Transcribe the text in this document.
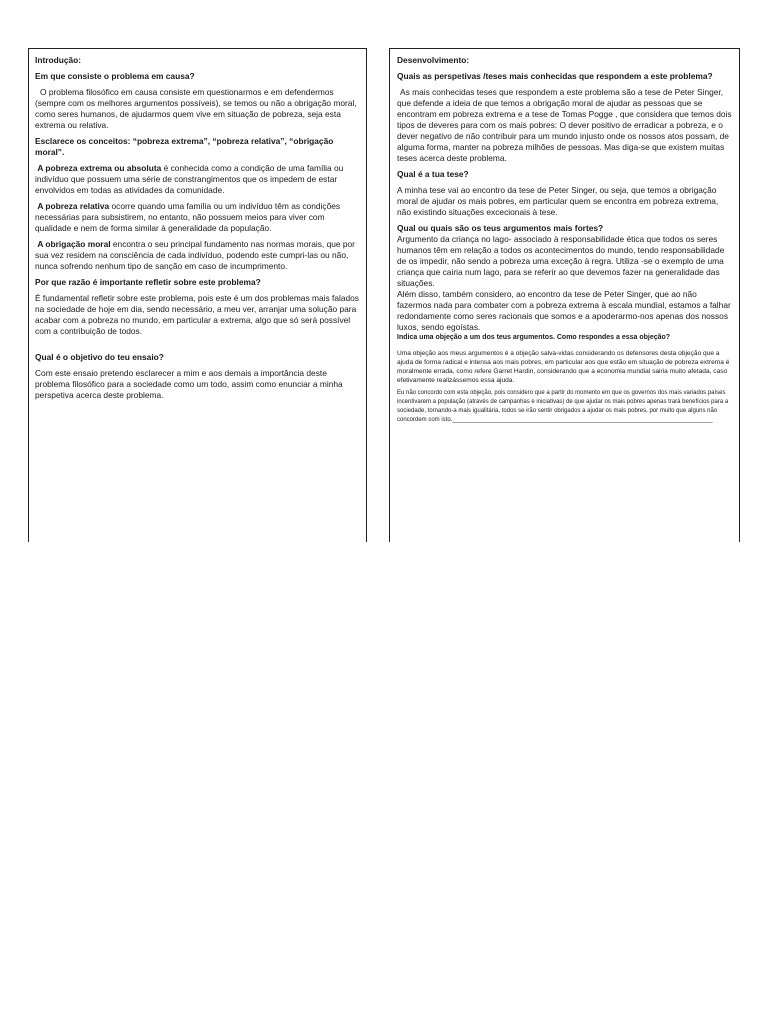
Introdução:
Em que consiste o problema em causa?
O problema filosófico em causa consiste em questionarmos e em defendermos (sempre com os melhores argumentos possíveis), se temos ou não a obrigação moral, como seres humanos, de ajudarmos quem vive em situação de pobreza, seja esta extrema ou relativa.
Esclarece os conceitos: “pobreza extrema”, “pobreza relativa”, “obrigação moral”.
A pobreza extrema ou absoluta é conhecida como a condição de uma família ou indivíduo que possuem uma série de constrangimentos que os impedem de estar envolvidos em todas as atividades da comunidade.
A pobreza relativa ocorre quando uma família ou um indivíduo têm as condições necessárias para subsistirem, no entanto, não possuem meios para viver com qualidade e nem de forma similar à generalidade da população.
A obrigação moral encontra o seu principal fundamento nas normas morais, que por sua vez residem na consciência de cada indivíduo, podendo este cumpri-las ou não, nunca sofrendo nenhum tipo de sanção em caso de incumprimento.
Por que razão é importante refletir sobre este problema?
É fundamental refletir sobre este problema, pois este é um dos problemas mais falados na sociedade de hoje em dia, sendo necessário, a meu ver, arranjar uma solução para acabar com a pobreza no mundo, em particular a extrema, algo que só será possível com a contribuição de todos.
Qual é o objetivo do teu ensaio?
Com este ensaio pretendo esclarecer a mim e aos demais a importância deste problema filosófico para a sociedade como um todo, assim como enunciar a minha perspetiva acerca deste problema.
Desenvolvimento:
Quais as perspetivas /teses mais conhecidas que respondem a este problema?
As mais conhecidas teses que respondem a este problema são a tese de Peter Singer, que defende a ideia de que temos a obrigação moral de ajudar as pessoas que se encontram em pobreza extrema e a tese de Tomas Pogge , que considera que temos dois tipos de deveres para com os mais pobres: O dever positivo de erradicar a pobreza, e o dever negativo de não contribuir para um mundo injusto onde os nossos atos possam, de alguma forma, manter na pobreza milhões de pessoas. Mas diga-se que existem muitas teses acerca deste problema.
Qual é a tua tese?
A minha tese vai ao encontro da tese de Peter Singer, ou seja, que temos a obrigação moral de ajudar os mais pobres, em particular quem se encontra em pobreza extrema, não existindo situações excecionais à tese.
Qual ou quais são os teus argumentos mais fortes?
Argumento da criança no lago- associado à responsabilidade ética que todos os seres humanos têm em relação a todos os acontecimentos do mundo, tendo responsabilidade de os impedir, não sendo a pobreza uma exceção à regra. Utiliza -se o exemplo de uma criança que cairia num lago, para se referir ao que devemos fazer na generalidade das situações.
Além disso, também considero, ao encontro da tese de Peter Singer, que ao não fazermos nada para combater com a pobreza extrema à escala mundial, estamos a falhar redondamente como seres racionais que somos e a apoderarmo-nos apenas dos nossos luxos, sendo egoístas.
Indica uma objeção a um dos teus argumentos. Como respondes a essa objeção?
Uma objeção aos meus argumentos é a objeção salva-vidas considerando os defensores desta objeção que a ajuda de forma radical e intensa aos mais pobres, em particular aos que estão em situação de pobreza extrema é moralmente errada, como refere Garret Hardin, considerando que a economia mundial sairia muito afetada, caso efetivamente realizássemos essa ajuda.
Eu não concordo com esta objeção, pois considero que a partir do momento em que os governos dos mais variados países incentivarem a população (através de campanhas e iniciativas) de que ajudar os mais pobres apenas trará benefícios para a sociedade, tornando-a mais igualitária, todos se irão sentir obrigados a ajudar os mais pobres, por muito que alguns não concordem com isto.______________________________________________________________________________
